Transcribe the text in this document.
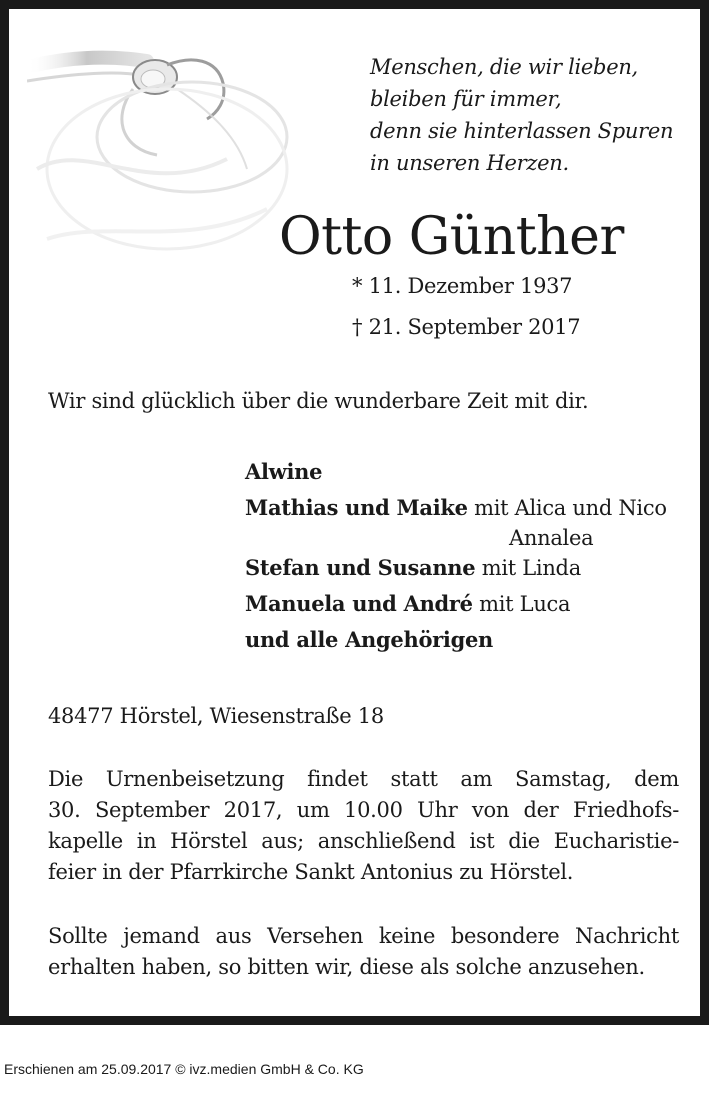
Menschen, die wir lieben,
bleiben für immer,
denn sie hinterlassen Spuren
in unseren Herzen.
Otto Günther
* 11. Dezember 1937
† 21. September 2017
Wir sind glücklich über die wunderbare Zeit mit dir.
Alwine
Mathias und Maike mit Alica und Nico
Annalea
Stefan und Susanne mit Linda
Manuela und André mit Luca
und alle Angehörigen
48477 Hörstel, Wiesenstraße 18
Die Urnenbeisetzung findet statt am Samstag, dem
30. September 2017, um 10.00 Uhr von der Friedhofs-
kapelle in Hörstel aus; anschließend ist die Eucharistie-
feier in der Pfarrkirche Sankt Antonius zu Hörstel.
Sollte jemand aus Versehen keine besondere Nachricht
erhalten haben, so bitten wir, diese als solche anzusehen.
Erschienen am 25.09.2017 © ivz.medien GmbH & Co. KG
